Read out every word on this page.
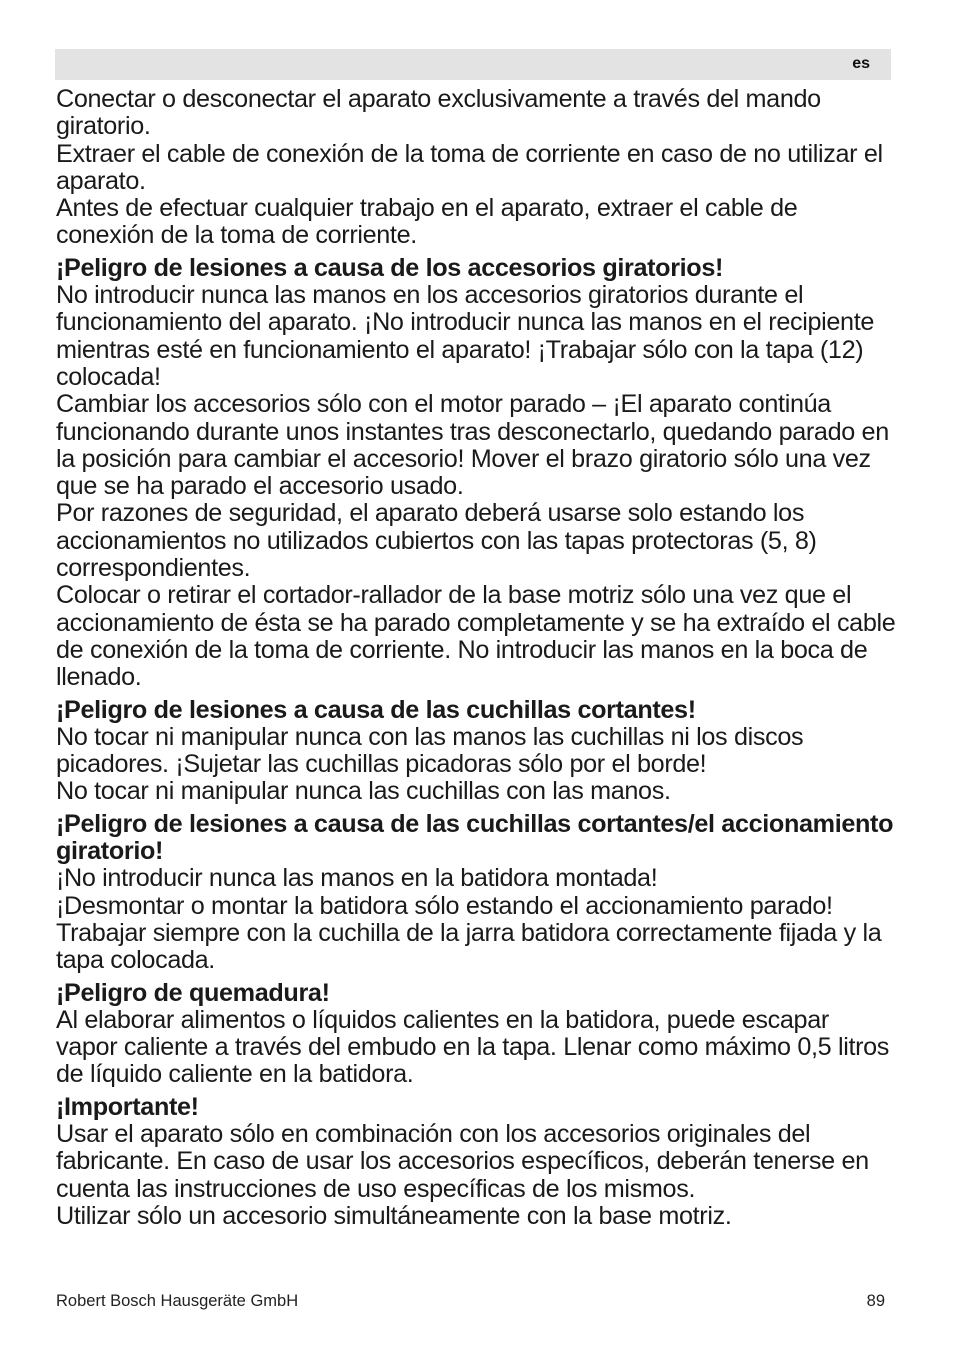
es

Conectar o desconectar el aparato exclusivamente a través del mando giratorio.

Extraer el cable de conexión de la toma de corriente en caso de no utilizar el aparato.

Antes de efectuar cualquier trabajo en el aparato, extraer el cable de conexión de la toma de corriente.

¡Peligro de lesiones a causa de los accesorios giratorios!

No introducir nunca las manos en los accesorios giratorios durante el funcionamiento del aparato. ¡No introducir nunca las manos en el recipiente mientras esté en funcionamiento el aparato! ¡Trabajar sólo con la tapa (12) colocada!

Cambiar los accesorios sólo con el motor parado – ¡El aparato continúa funcionando durante unos instantes tras desconectarlo, quedando parado en la posición para cambiar el accesorio! Mover el brazo giratorio sólo una vez que se ha parado el accesorio usado.

Por razones de seguridad, el aparato deberá usarse solo estando los accionamientos no utilizados cubiertos con las tapas protectoras (5, 8) correspondientes.

Colocar o retirar el cortador-rallador de la base motriz sólo una vez que el accionamiento de ésta se ha parado completamente y se ha extraído el cable de conexión de la toma de corriente. No introducir las manos en la boca de llenado.

¡Peligro de lesiones a causa de las cuchillas cortantes!

No tocar ni manipular nunca con las manos las cuchillas ni los discos picadores. ¡Sujetar las cuchillas picadoras sólo por el borde!

No tocar ni manipular nunca las cuchillas con las manos.

¡Peligro de lesiones a causa de las cuchillas cortantes/el accionamiento giratorio!

¡No introducir nunca las manos en la batidora montada!

¡Desmontar o montar la batidora sólo estando el accionamiento parado!

Trabajar siempre con la cuchilla de la jarra batidora correctamente fijada y la tapa colocada.

¡Peligro de quemadura!

Al elaborar alimentos o líquidos calientes en la batidora, puede escapar vapor caliente a través del embudo en la tapa. Llenar como máximo 0,5 litros de líquido caliente en la batidora.

¡Importante!

Usar el aparato sólo en combinación con los accesorios originales del fabricante. En caso de usar los accesorios específicos, deberán tenerse en cuenta las instrucciones de uso específicas de los mismos.

Utilizar sólo un accesorio simultáneamente con la base motriz.

Robert Bosch Hausgeräte GmbH	89
